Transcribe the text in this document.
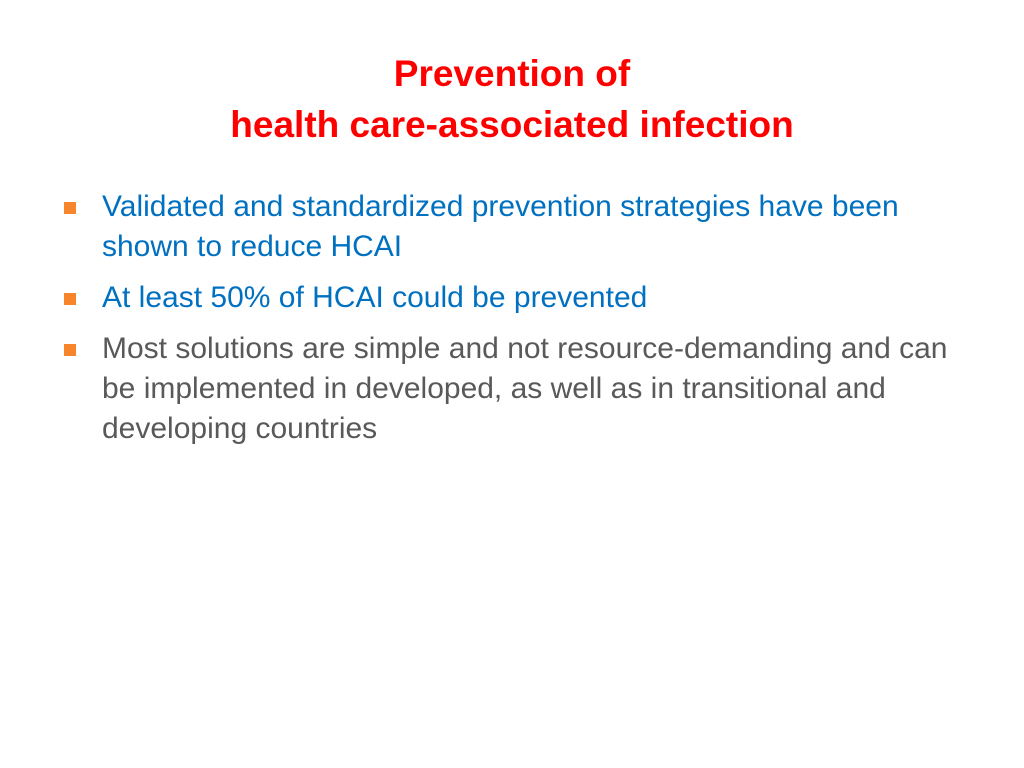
Prevention of
health care-associated infection
Validated and standardized prevention strategies have been shown to reduce HCAI
At least 50% of HCAI could be prevented
Most solutions are simple and not resource-demanding and can be implemented in developed, as well as in transitional and developing countries
